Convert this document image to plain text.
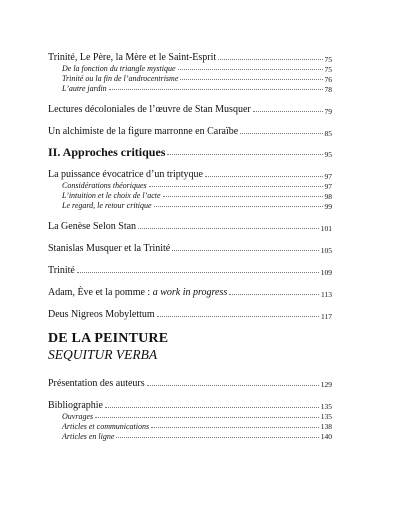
Trinité, Le Père, la Mère et le Saint-Esprit	75
De la fonction du triangle mystique	75
Trinité ou la fin de l’androcentrisme	76
L’autre jardin	78
Lectures décoloniales de l’œuvre de Stan Musquer	79
Un alchimiste de la figure marronne en Caraïbe	85
II. Approches critiques	95
La puissance évocatrice d’un triptyque	97
Considérations théoriques	97
L’intuition et le choix de l’acte	98
Le regard, le retour critique	99
La Genèse Selon Stan	101
Stanislas Musquer et la Trinité	105
Trinité	109
Adam, Ève et la pomme : a work in progress	113
Deus Nigreos Mobylettum	117
DE LA PEINTURE
SEQUITUR VERBA
Présentation des auteurs	129
Bibliographie	135
Ouvrages	135
Articles et communications	138
Articles en ligne	140
